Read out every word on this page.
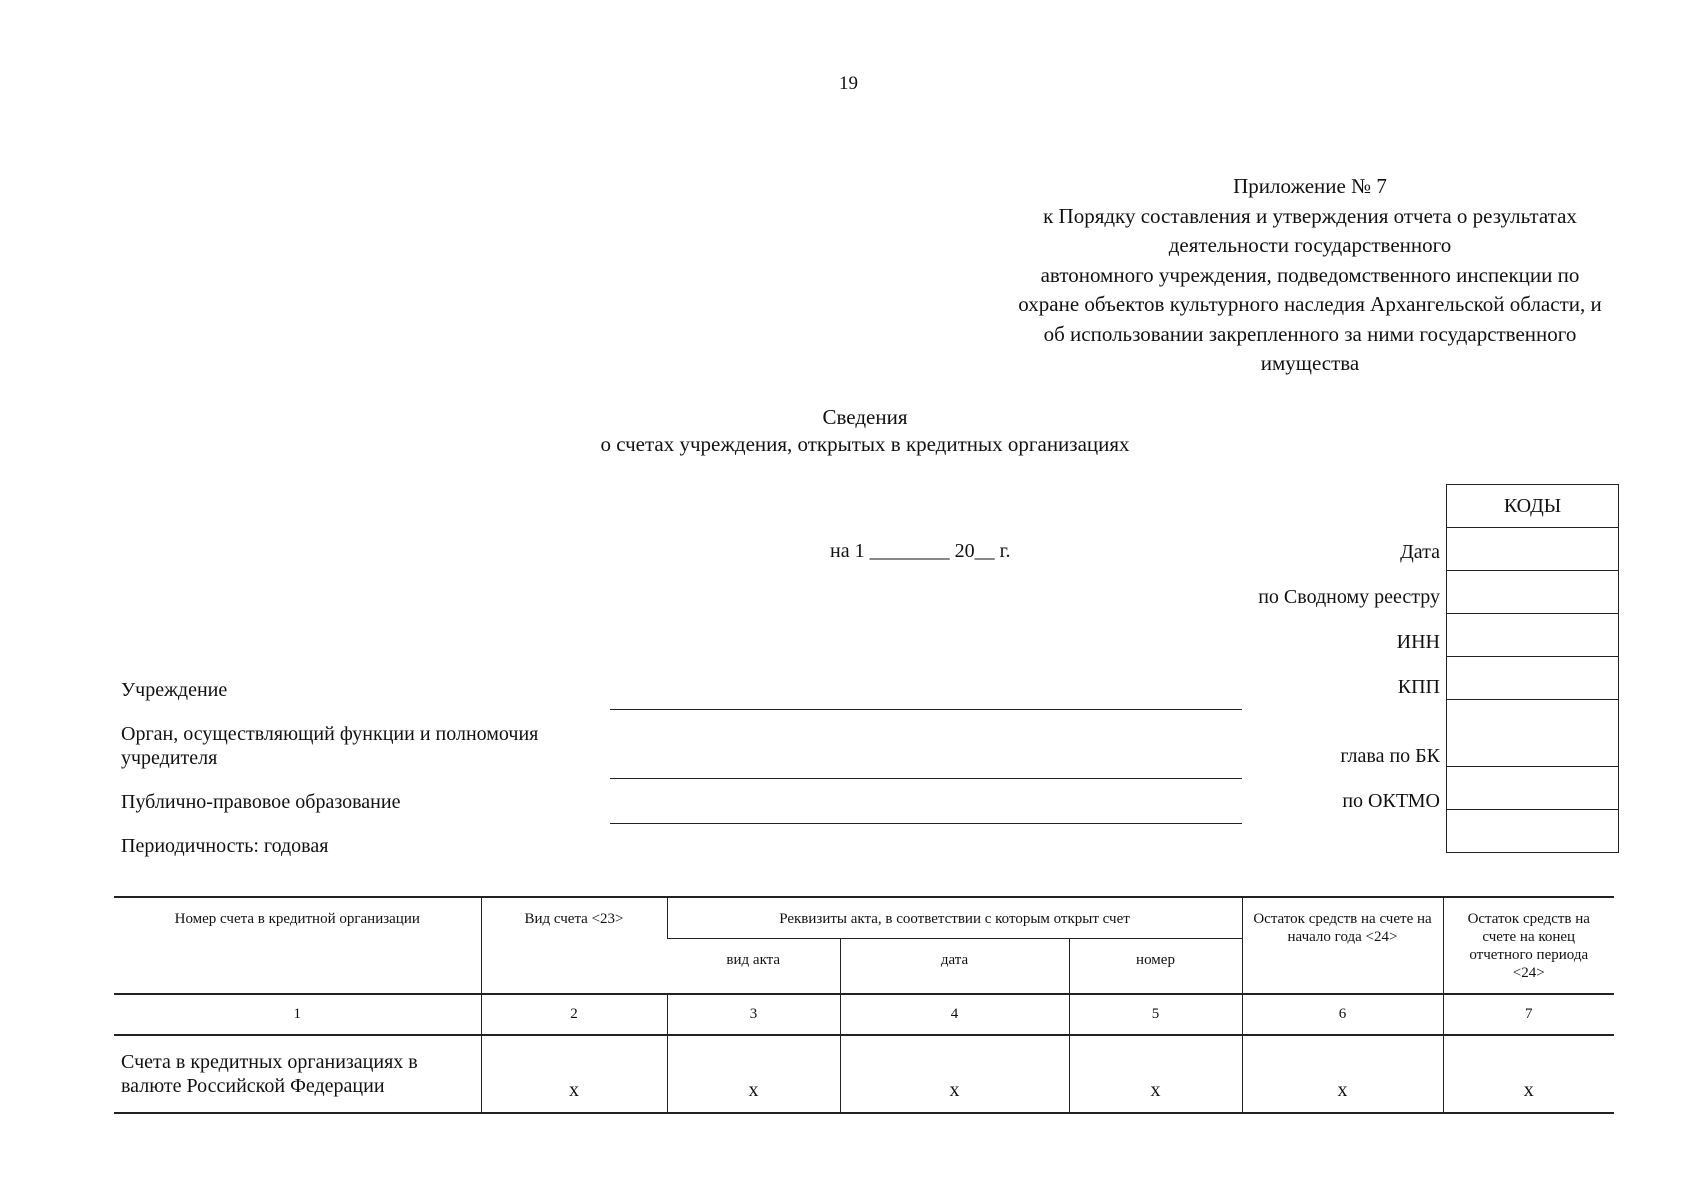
19
Приложение № 7
к Порядку составления и утверждения отчета о результатах
деятельности государственного
автономного учреждения, подведомственного инспекции по
охране объектов культурного наследия Архангельской области, и
об использовании закрепленного за ними государственного
имущества
Сведения
о счетах учреждения, открытых в кредитных организациях
на 1 ________ 20__ г.
КОДЫ

Дата
по Сводному реестру
ИНН
КПП
глава по БК
по ОКТМО
Учреждение
Орган, осуществляющий функции и полномочия
учредителя
Публично-правовое образование
Периодичность: годовая
Номер счета в кредитной организации	Вид счета <23>	Реквизиты акта, в соответствии с которым открыт счет			Остаток средств на счете на начало года <24>	Остаток средств на счете на конец отчетного периода <24>
		вид акта	дата	номер		
1	2	3	4	5	6	7

Счета в кредитных организациях в
валюте Российской Федерации	x	x	x	x	x	x
